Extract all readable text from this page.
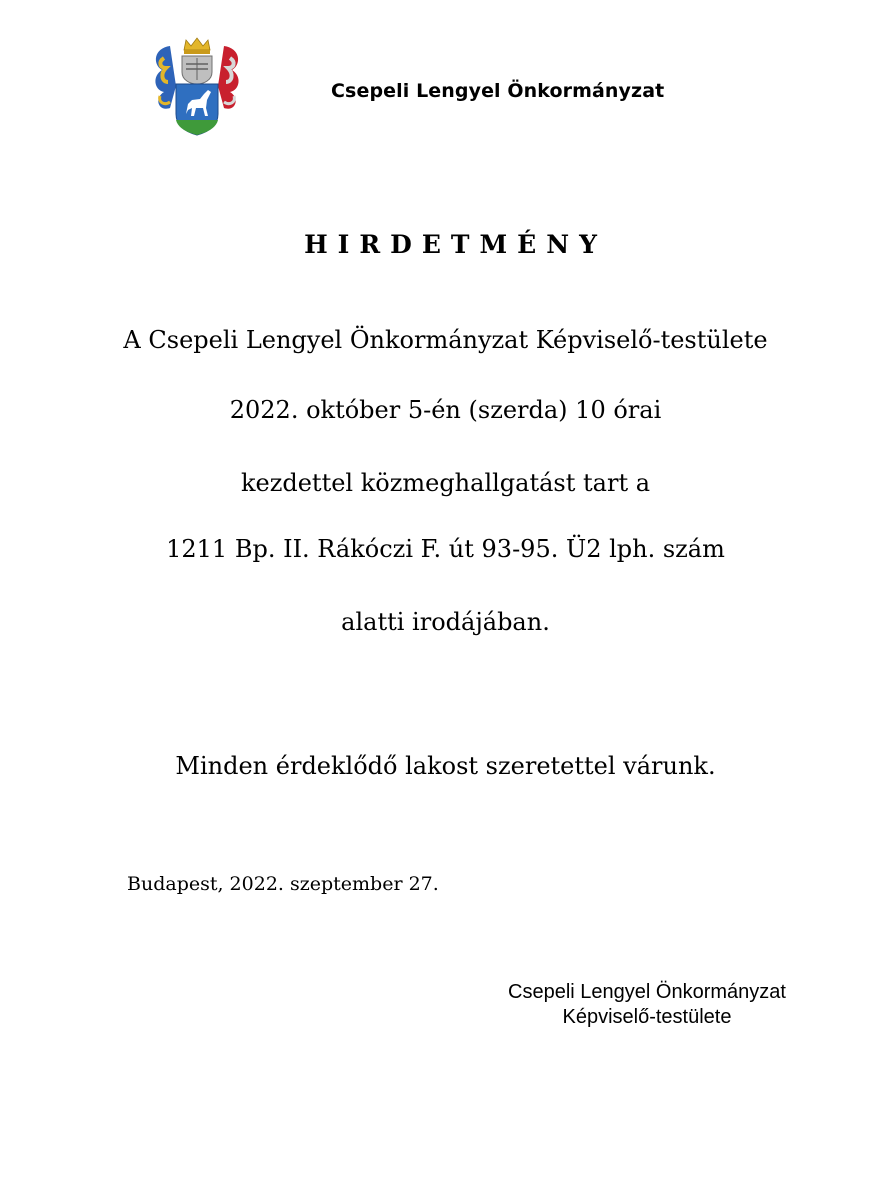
Csepeli Lengyel Önkormányzat
HIRDETMÉNY
A Csepeli Lengyel Önkormányzat Képviselő-testülete
2022. október 5-én (szerda) 10 órai
kezdettel közmeghallgatást tart a
1211 Bp. II. Rákóczi F. út 93-95. Ü2 lph. szám
alatti irodájában.
Minden érdeklődő lakost szeretettel várunk.
Budapest, 2022. szeptember 27.
Csepeli Lengyel Önkormányzat
Képviselő-testülete
